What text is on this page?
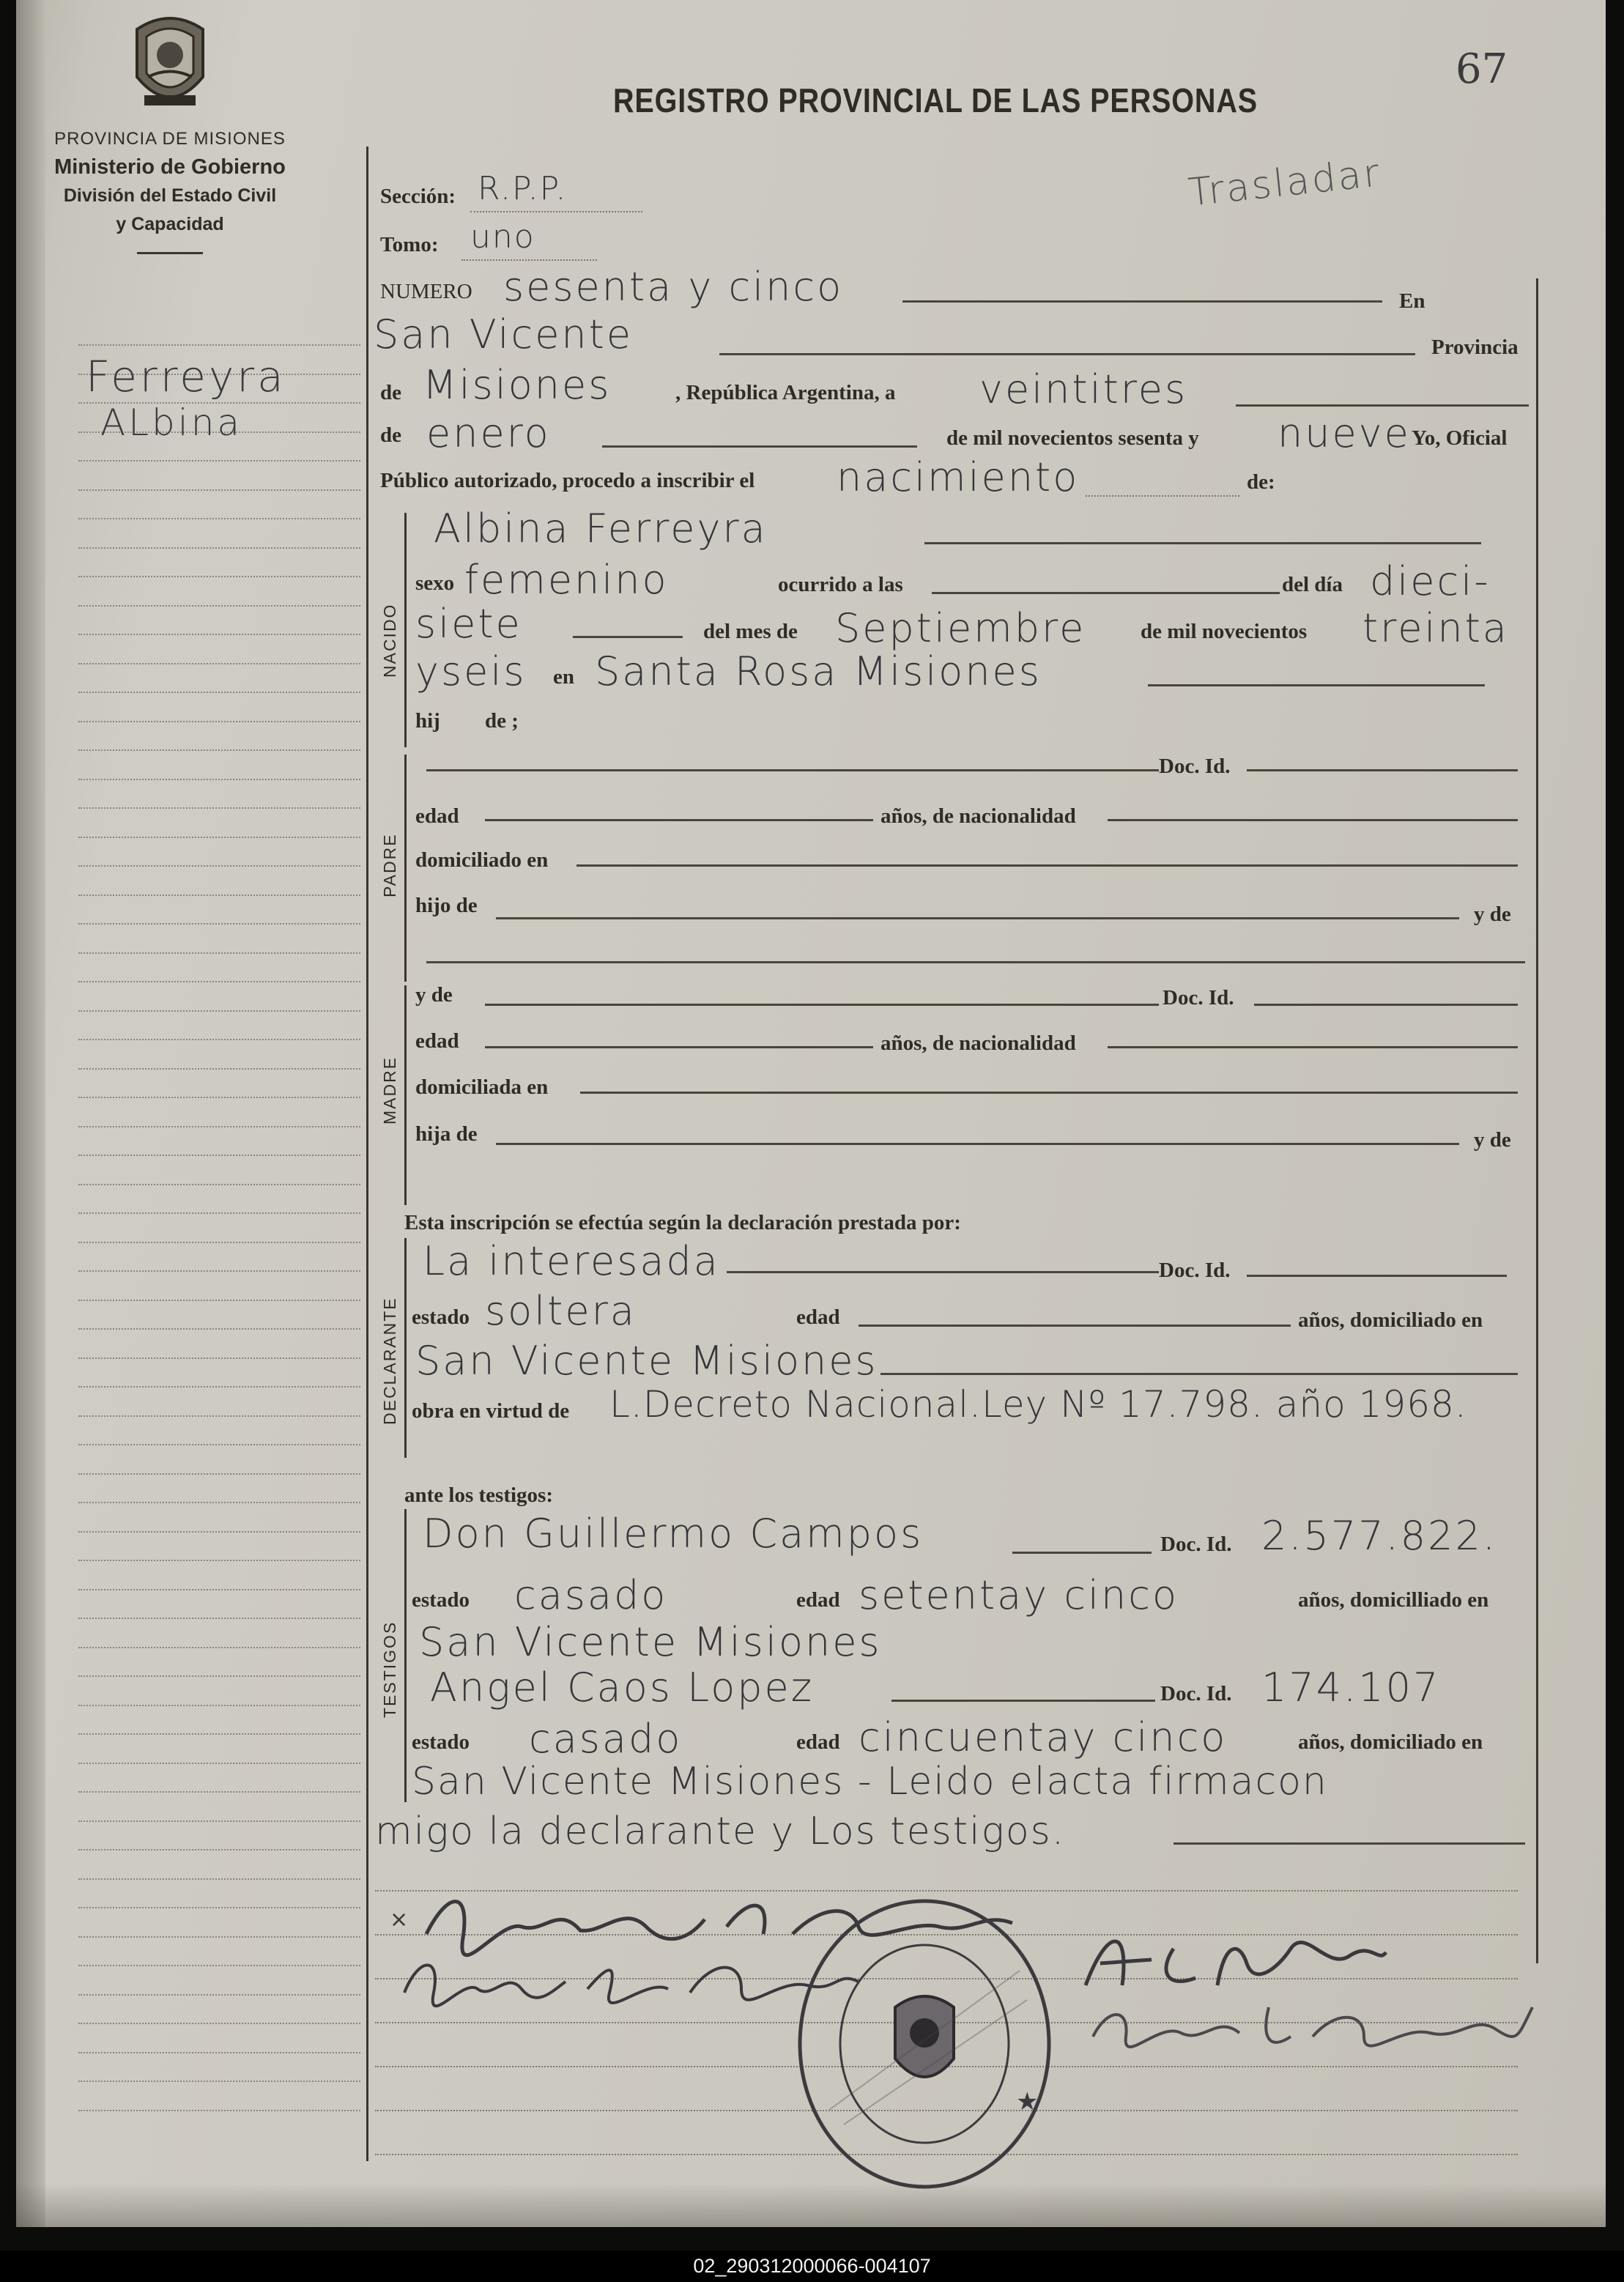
PROVINCIA DE MISIONES
Ministerio de Gobierno
División del Estado Civil
y Capacidad
Ferreyra
ALbina
REGISTRO PROVINCIAL DE LAS PERSONAS
67
Trasladar
Sección: R.P.P.
Tomo: uno
NUMERO sesenta y cinco	En
San Vicente	Provincia
de Misiones	, República Argentina, a veintitres
de enero	de mil novecientos sesenta y nueve Yo, Oficial
Público autorizado, procedo a inscribir el nacimiento	de:
NACIDO
Albina Ferreyra
sexo femenino	ocurrido a las	del día dieci-
siete	del mes de Septiembre	de mil novecientos treinta
yseis en Santa Rosa Misiones
hij de ;
PADRE
Doc. Id.
edad	años, de nacionalidad
domiciliado en
hijo de	y de
MADRE
y de	Doc. Id.
edad	años, de nacionalidad
domiciliada en
hija de	y de
Esta inscripción se efectúa según la declaración prestada por:
DECLARANTE
La interesada	Doc. Id.
estado soltera	edad	años, domiciliado en
San Vicente Misiones
obra en virtud de L.Decreto Nacional.Ley Nº 17.798. año 1968.
ante los testigos:
TESTIGOS
Don Guillermo Campos	Doc. Id. 2.577.822.
estado casado	edad setentay cinco	años, domicilliado en
San Vicente Misiones
Angel Caos Lopez	Doc. Id. 174.107
estado casado	edad cincuentay cinco	años, domiciliado en
San Vicente Misiones - Leido elacta firmacon
migo la declarante y Los testigos.
×
★
02_290312000066-004107
